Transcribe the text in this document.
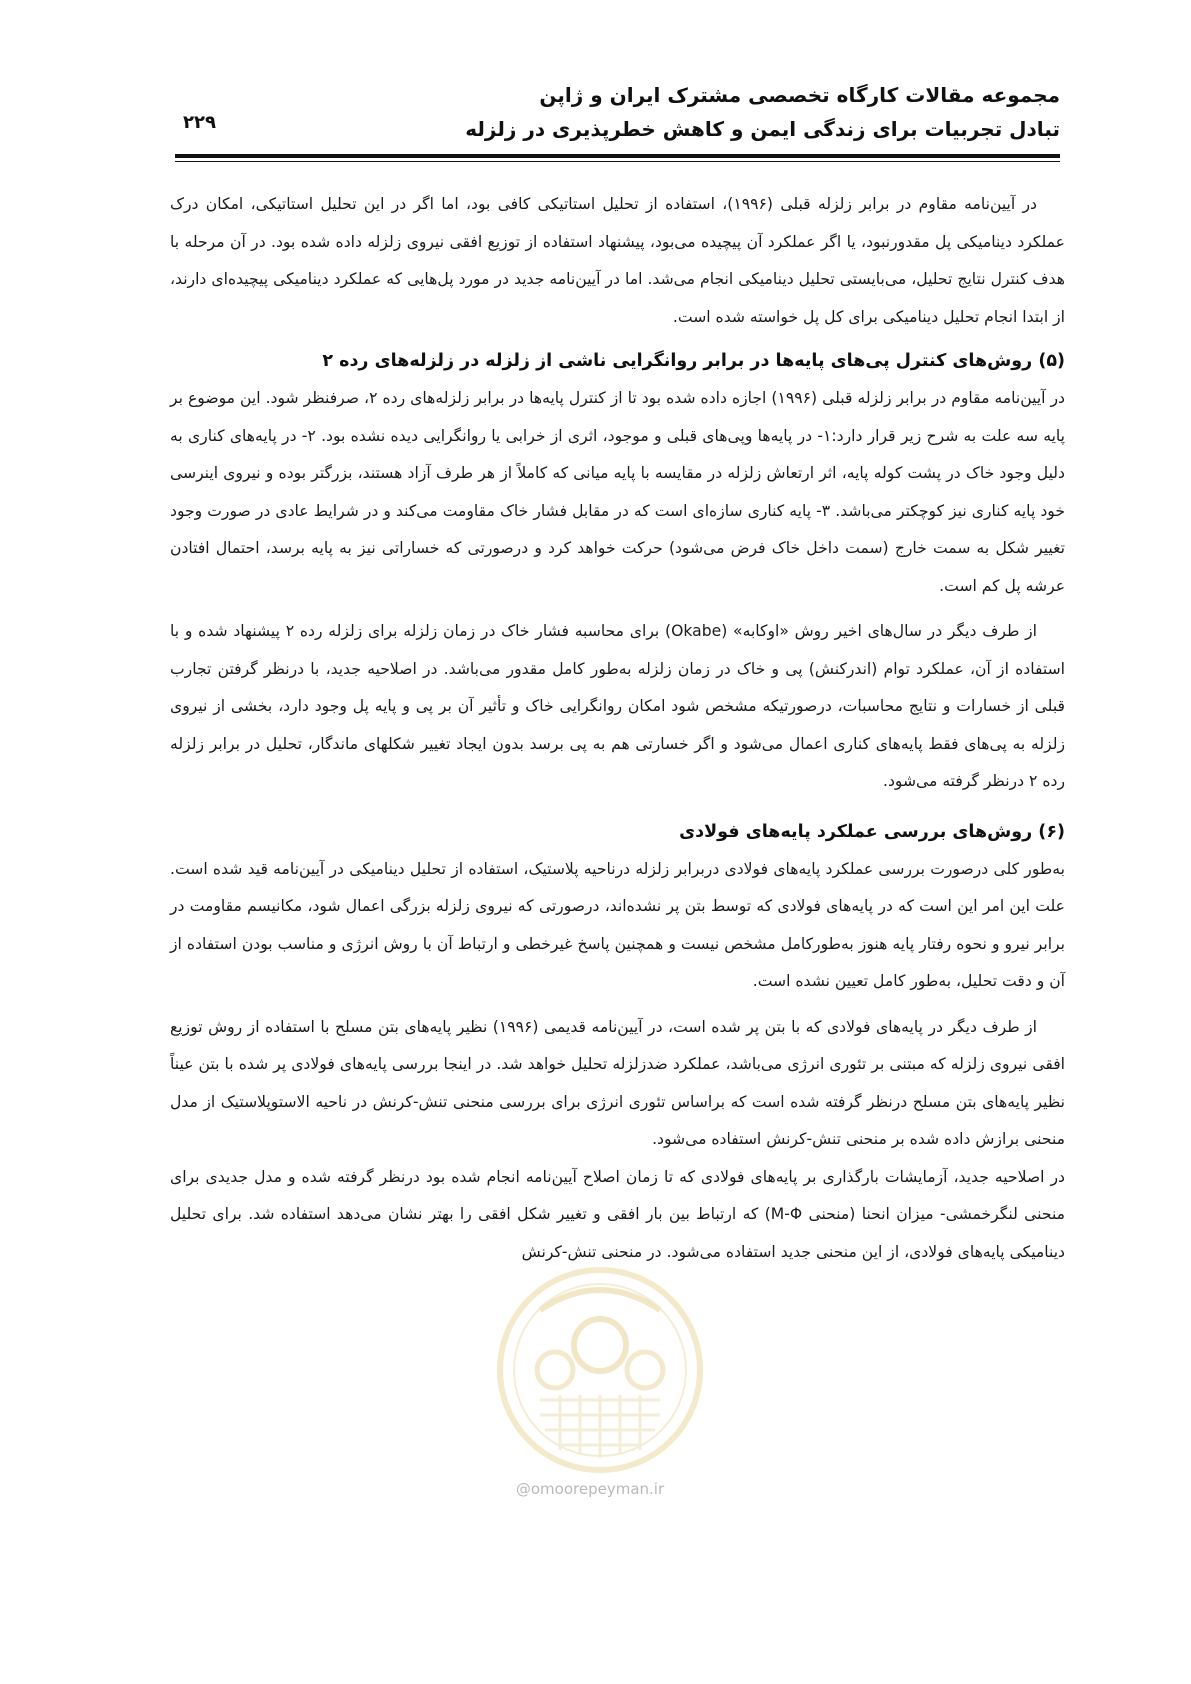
مجموعه مقالات کارگاه تخصصی مشترک ایران و ژاپن
تبادل تجربیات برای زندگی ایمن و کاهش خطرپذیری در زلزله
۲۲۹

در آیین‌نامه مقاوم در برابر زلزله قبلی (۱۹۹۶)، استفاده از تحلیل استاتیکی کافی بود، اما اگر در این تحلیل استاتیکی، امکان درک عملکرد دینامیکی پل مقدورنبود، یا اگر عملکرد آن پیچیده می‌بود، پیشنهاد استفاده از توزیع افقی نیروی زلزله داده شده بود. در آن مرحله با هدف کنترل نتایج تحلیل، می‌بایستی تحلیل دینامیکی انجام می‌شد. اما در آیین‌نامه جدید در مورد پل‌هایی که عملکرد دینامیکی پیچیده‌ای دارند، از ابتدا انجام تحلیل دینامیکی برای کل پل خواسته شده است.

(۵) روش‌های کنترل پی‌های پایه‌ها در برابر روانگرایی ناشی از زلزله در زلزله‌های رده ۲

در آیین‌نامه مقاوم در برابر زلزله قبلی (۱۹۹۶) اجازه داده شده بود تا از کنترل پایه‌ها در برابر زلزله‌های رده ۲، صرفنظر شود. این موضوع بر پایه سه علت به شرح زیر قرار دارد:۱- در پایه‌ها وپی‌های قبلی و موجود، اثری از خرابی یا روانگرایی دیده نشده بود. ۲- در پایه‌های کناری به دلیل وجود خاک در پشت کوله پایه، اثر ارتعاش زلزله در مقایسه با پایه میانی که کاملاً از هر طرف آزاد هستند، بزرگتر بوده و نیروی اینرسی خود پایه کناری نیز کوچکتر می‌باشد. ۳- پایه کناری سازه‌ای است که در مقابل فشار خاک مقاومت می‌کند و در شرایط عادی در صورت وجود تغییر شکل به سمت خارج (سمت داخل خاک فرض می‌شود) حرکت خواهد کرد و درصورتی که خساراتی نیز به پایه برسد، احتمال افتادن عرشه پل کم است.

از طرف دیگر در سال‌های اخیر روش «اوکابه» (Okabe) برای محاسبه فشار خاک در زمان زلزله برای زلزله رده ۲ پیشنهاد شده و با استفاده از آن، عملکرد توام (اندرکنش) پی و خاک در زمان زلزله به‌طور کامل مقدور می‌باشد. در اصلاحیه جدید، با درنظر گرفتن تجارب قبلی از خسارات و نتایج محاسبات، درصورتیکه مشخص شود امکان روانگرایی خاک و تأثیر آن بر پی و پایه پل وجود دارد، بخشی از نیروی زلزله به پی‌های فقط پایه‌های کناری اعمال می‌شود و اگر خسارتی هم به پی برسد بدون ایجاد تغییر شکلهای ماندگار، تحلیل در برابر زلزله رده ۲ درنظر گرفته می‌شود.

(۶) روش‌های بررسی عملکرد پایه‌های فولادی

به‌طور کلی درصورت بررسی عملکرد پایه‌های فولادی دربرابر زلزله درناحیه پلاستیک، استفاده از تحلیل دینامیکی در آیین‌نامه قید شده است. علت این امر این است که در پایه‌های فولادی که توسط بتن پر نشده‌اند، درصورتی که نیروی زلزله بزرگی اعمال شود، مکانیسم مقاومت در برابر نیرو و نحوه رفتار پایه هنوز به‌طورکامل مشخص نیست و همچنین پاسخ غیرخطی و ارتباط آن با روش انرژی و مناسب بودن استفاده از آن و دقت تحلیل، به‌طور کامل تعیین نشده است.

از طرف دیگر در پایه‌های فولادی که با بتن پر شده است، در آیین‌نامه قدیمی (۱۹۹۶) نظیر پایه‌های بتن مسلح با استفاده از روش توزیع افقی نیروی زلزله که مبتنی بر تئوری انرژی می‌باشد، عملکرد ضدزلزله تحلیل خواهد شد. در اینجا بررسی پایه‌های فولادی پر شده با بتن عیناً نظیر پایه‌های بتن مسلح درنظر گرفته شده است که براساس تئوری انرژی برای بررسی منحنی تنش-کرنش در ناحیه الاستوپلاستیک از مدل منحنی برازش داده شده بر منحنی تنش-کرنش استفاده می‌شود.

در اصلاحیه جدید، آزمایشات بارگذاری بر پایه‌های فولادی که تا زمان اصلاح آیین‌نامه انجام شده بود درنظر گرفته شده و مدل جدیدی برای منحنی لنگرخمشی- میزان انحنا (منحنی M-Φ) که ارتباط بین بار افقی و تغییر شکل افقی را بهتر نشان می‌دهد استفاده شد. برای تحلیل دینامیکی پایه‌های فولادی، از این منحنی جدید استفاده می‌شود. در منحنی تنش-کرنش

@omoorepeyman.ir
